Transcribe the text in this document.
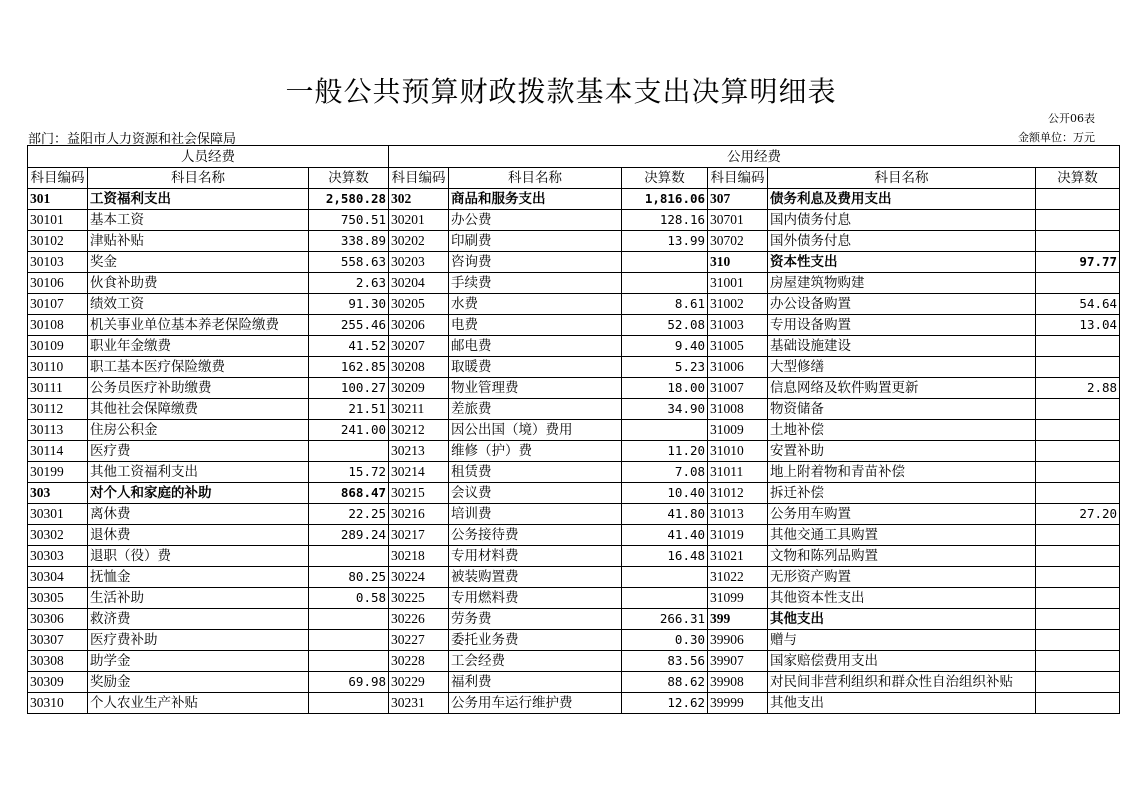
一般公共预算财政拨款基本支出决算明细表
公开06表
部门：益阳市人力资源和社会保障局	金额单位：万元
人员经费			公用经费					
科目编码	科目名称	决算数	科目编码	科目名称	决算数	科目编码	科目名称	决算数
301	工资福利支出	2,580.28	302	商品和服务支出	1,816.06	307	债务利息及费用支出	
30101	基本工资	750.51	30201	办公费	128.16	30701	国内债务付息	
30102	津贴补贴	338.89	30202	印刷费	13.99	30702	国外债务付息	
30103	奖金	558.63	30203	咨询费		310	资本性支出	97.77
30106	伙食补助费	2.63	30204	手续费		31001	房屋建筑物购建	
30107	绩效工资	91.30	30205	水费	8.61	31002	办公设备购置	54.64
30108	机关事业单位基本养老保险缴费	255.46	30206	电费	52.08	31003	专用设备购置	13.04
30109	职业年金缴费	41.52	30207	邮电费	9.40	31005	基础设施建设	
30110	职工基本医疗保险缴费	162.85	30208	取暖费	5.23	31006	大型修缮	
30111	公务员医疗补助缴费	100.27	30209	物业管理费	18.00	31007	信息网络及软件购置更新	2.88
30112	其他社会保障缴费	21.51	30211	差旅费	34.90	31008	物资储备	
30113	住房公积金	241.00	30212	因公出国（境）费用		31009	土地补偿	
30114	医疗费		30213	维修（护）费	11.20	31010	安置补助	
30199	其他工资福利支出	15.72	30214	租赁费	7.08	31011	地上附着物和青苗补偿	
303	对个人和家庭的补助	868.47	30215	会议费	10.40	31012	拆迁补偿	
30301	离休费	22.25	30216	培训费	41.80	31013	公务用车购置	27.20
30302	退休费	289.24	30217	公务接待费	41.40	31019	其他交通工具购置	
30303	退职（役）费		30218	专用材料费	16.48	31021	文物和陈列品购置	
30304	抚恤金	80.25	30224	被装购置费		31022	无形资产购置	
30305	生活补助	0.58	30225	专用燃料费		31099	其他资本性支出	
30306	救济费		30226	劳务费	266.31	399	其他支出	
30307	医疗费补助		30227	委托业务费	0.30	39906	赠与	
30308	助学金		30228	工会经费	83.56	39907	国家赔偿费用支出	
30309	奖励金	69.98	30229	福利费	88.62	39908	对民间非营利组织和群众性自治组织补贴	
30310	个人农业生产补贴		30231	公务用车运行维护费	12.62	39999	其他支出	
